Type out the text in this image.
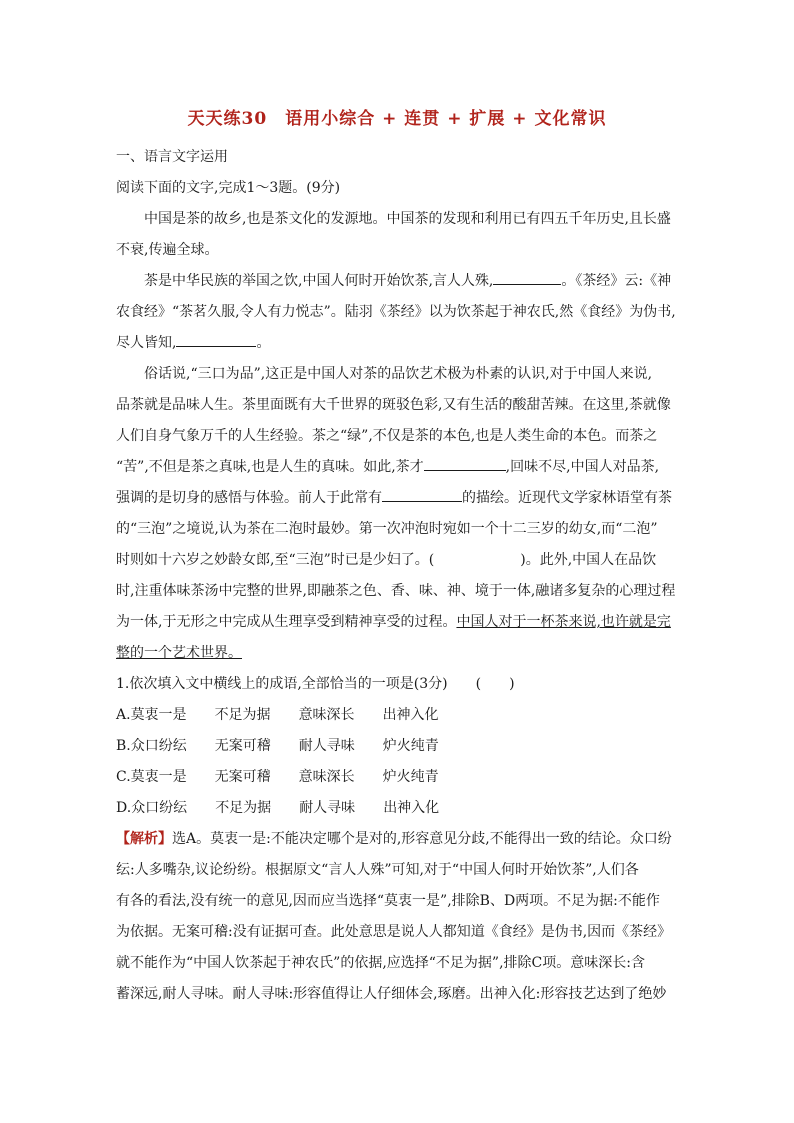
天天练30　语用小综合 + 连贯 + 扩展 + 文化常识
一、语言文字运用
阅读下面的文字,完成1～3题。(9分)
中国是茶的故乡,也是茶文化的发源地。中国茶的发现和利用已有四五千年历史,且长盛
不衰,传遍全球。
茶是中华民族的举国之饮,中国人何时开始饮茶,言人人殊,	。《茶经》云:《神
农食经》“茶茗久服,令人有力悦志”。陆羽《茶经》以为饮茶起于神农氏,然《食经》为伪书,
尽人皆知,	。
俗话说,“三口为品”,这正是中国人对茶的品饮艺术极为朴素的认识,对于中国人来说,
品茶就是品味人生。茶里面既有大千世界的斑驳色彩,又有生活的酸甜苦辣。在这里,茶就像
人们自身气象万千的人生经验。茶之“绿”,不仅是茶的本色,也是人类生命的本色。而茶之
“苦”,不但是茶之真味,也是人生的真味。如此,茶才	,回味不尽,中国人对品茶,
强调的是切身的感悟与体验。前人于此常有	的描绘。近现代文学家林语堂有茶
的“三泡”之境说,认为茶在二泡时最妙。第一次冲泡时宛如一个十二三岁的幼女,而“二泡”
时则如十六岁之妙龄女郎,至“三泡”时已是少妇了。(	)。此外,中国人在品饮
时,注重体味茶汤中完整的世界,即融茶之色、香、味、神、境于一体,融诸多复杂的心理过程
为一体,于无形之中完成从生理享受到精神享受的过程。中国人对于一杯茶来说,也许就是完
整的一个艺术世界。
1.依次填入文中横线上的成语,全部恰当的一项是(3分) ( )
A.莫衷一是 不足为据 意味深长 出神入化
B.众口纷纭 无案可稽 耐人寻味 炉火纯青
C.莫衷一是 无案可稽 意味深长 炉火纯青
D.众口纷纭 不足为据 耐人寻味 出神入化
【解析】选A。莫衷一是:不能决定哪个是对的,形容意见分歧,不能得出一致的结论。众口纷
纭:人多嘴杂,议论纷纷。根据原文“言人人殊”可知,对于“中国人何时开始饮茶”,人们各
有各的看法,没有统一的意见,因而应当选择“莫衷一是”,排除B、D两项。不足为据:不能作
为依据。无案可稽:没有证据可查。此处意思是说人人都知道《食经》是伪书,因而《茶经》
就不能作为“中国人饮茶起于神农氏”的依据,应选择“不足为据”,排除C项。意味深长:含
蓄深远,耐人寻味。耐人寻味:形容值得让人仔细体会,琢磨。出神入化:形容技艺达到了绝妙
